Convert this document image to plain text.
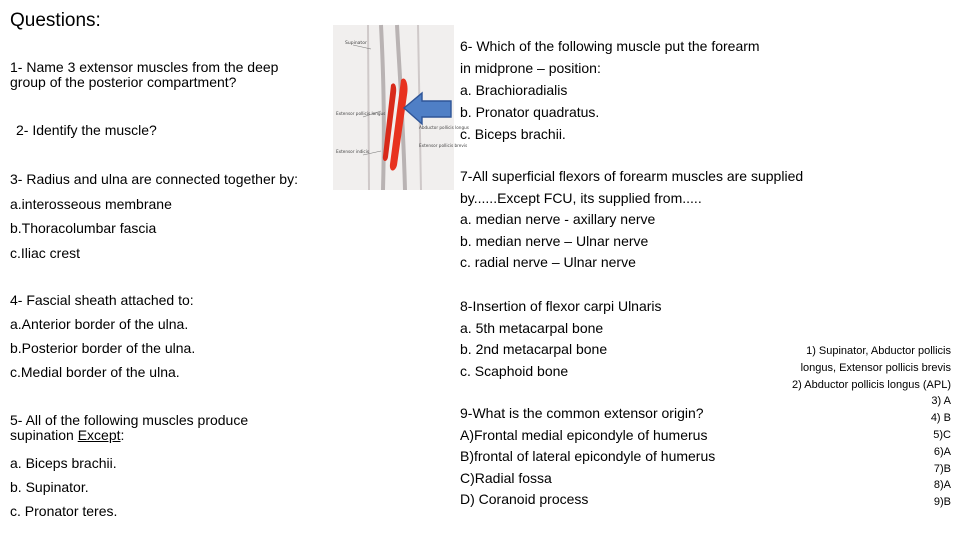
Questions:
1- Name 3 extensor muscles from the deep
group of the posterior compartment?
2- Identify the muscle?
3- Radius and ulna are connected together by:
a.interosseous membrane
b.Thoracolumbar fascia
c.Iliac crest
4- Fascial sheath attached to:
a.Anterior border of the ulna.
b.Posterior border of the ulna.
c.Medial border of the ulna.
5- All of the following muscles produce
supination Except:
a. Biceps brachii.
b. Supinator.
c. Pronator teres.
Supinator
Extensor pollicis longus
Extensor indicis
Abductor pollicis longus
Extensor pollicis brevis
6- Which of the following muscle put the forearm
in midprone – position:
a. Brachioradialis
b. Pronator quadratus.
c. Biceps brachii.
7-All superficial flexors of forearm muscles are supplied
by......Except FCU, its supplied from.....
a. median nerve - axillary nerve
b. median nerve – Ulnar nerve
c. radial nerve – Ulnar nerve
8-Insertion of flexor carpi Ulnaris
a. 5th metacarpal bone
b. 2nd metacarpal bone
c. Scaphoid bone
9-What is the common extensor origin?
A)Frontal medial epicondyle of humerus
B)frontal of lateral epicondyle of humerus
C)Radial fossa
D) Coranoid process
1) Supinator, Abductor pollicis
longus, Extensor pollicis brevis
2) Abductor pollicis longus (APL)
3) A
4) B
5)C
6)A
7)B
8)A
9)B
